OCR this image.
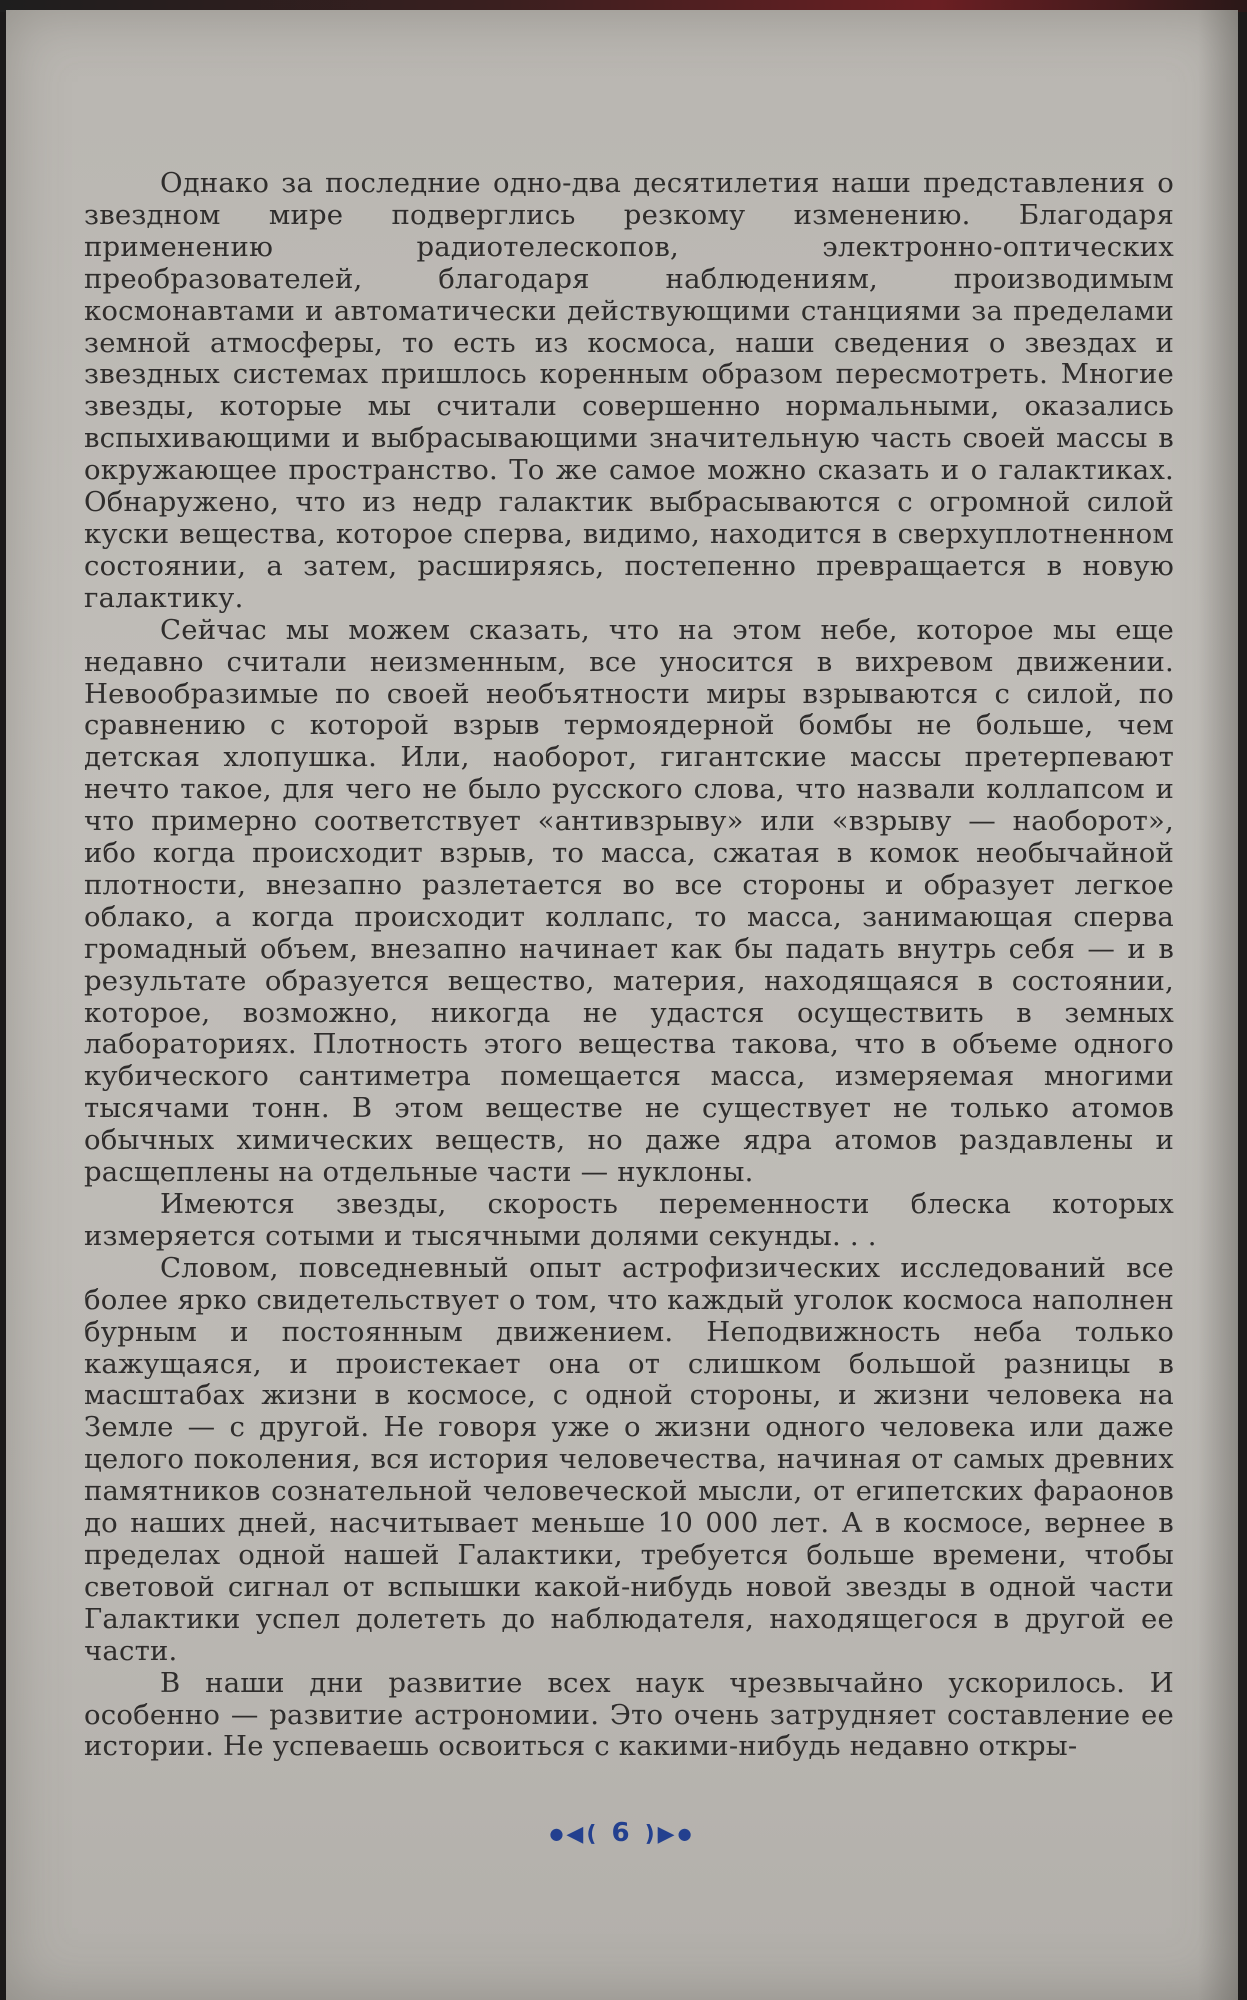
Однако за последние одно-два десятилетия наши представления о звездном мире подверглись резкому изменению. Благодаря применению радиотелескопов, электронно-оптических преобразователей, благодаря наблюдениям, производимым космонавтами и автоматически действующими станциями за пределами земной атмосферы, то есть из космоса, наши сведения о звездах и звездных системах пришлось коренным образом пересмотреть. Многие звезды, которые мы считали совершенно нормальными, оказались вспыхивающими и выбрасывающими значительную часть своей массы в окружающее пространство. То же самое можно сказать и о галактиках. Обнаружено, что из недр галактик выбрасываются с огромной силой куски вещества, которое сперва, видимо, находится в сверхуплотненном состоянии, а затем, расширяясь, постепенно превращается в новую галактику.

Сейчас мы можем сказать, что на этом небе, которое мы еще недавно считали неизменным, все уносится в вихревом движении. Невообразимые по своей необъятности миры взрываются с силой, по сравнению с которой взрыв термоядерной бомбы не больше, чем детская хлопушка. Или, наоборот, гигантские массы претерпевают нечто такое, для чего не было русского слова, что назвали коллапсом и что примерно соответствует «антивзрыву» или «взрыву — наоборот», ибо когда происходит взрыв, то масса, сжатая в комок необычайной плотности, внезапно разлетается во все стороны и образует легкое облако, а когда происходит коллапс, то масса, занимающая сперва громадный объем, внезапно начинает как бы падать внутрь себя — и в результате образуется вещество, материя, находящаяся в состоянии, которое, возможно, никогда не удастся осуществить в земных лабораториях. Плотность этого вещества такова, что в объеме одного кубического сантиметра помещается масса, измеряемая многими тысячами тонн. В этом веществе не существует не только атомов обычных химических веществ, но даже ядра атомов раздавлены и расщеплены на отдельные части — нуклоны.

Имеются звезды, скорость переменности блеска которых измеряется сотыми и тысячными долями секунды. . .

Словом, повседневный опыт астрофизических исследований все более ярко свидетельствует о том, что каждый уголок космоса наполнен бурным и постоянным движением. Неподвижность неба только кажущаяся, и проистекает она от слишком большой разницы в масштабах жизни в космосе, с одной стороны, и жизни человека на Земле — с другой. Не говоря уже о жизни одного человека или даже целого поколения, вся история человечества, начиная от самых древних памятников сознательной человеческой мысли, от египетских фараонов до наших дней, насчитывает меньше 10 000 лет. А в космосе, вернее в пределах одной нашей Галактики, требуется больше времени, чтобы световой сигнал от вспышки какой-нибудь новой звезды в одной части Галактики успел долететь до наблюдателя, находящегося в другой ее части.

В наши дни развитие всех наук чрезвычайно ускорилось. И особенно — развитие астрономии. Это очень затрудняет составление ее истории. Не успеваешь освоиться с какими-нибудь недавно откры-

●◀( 6 )▶●
